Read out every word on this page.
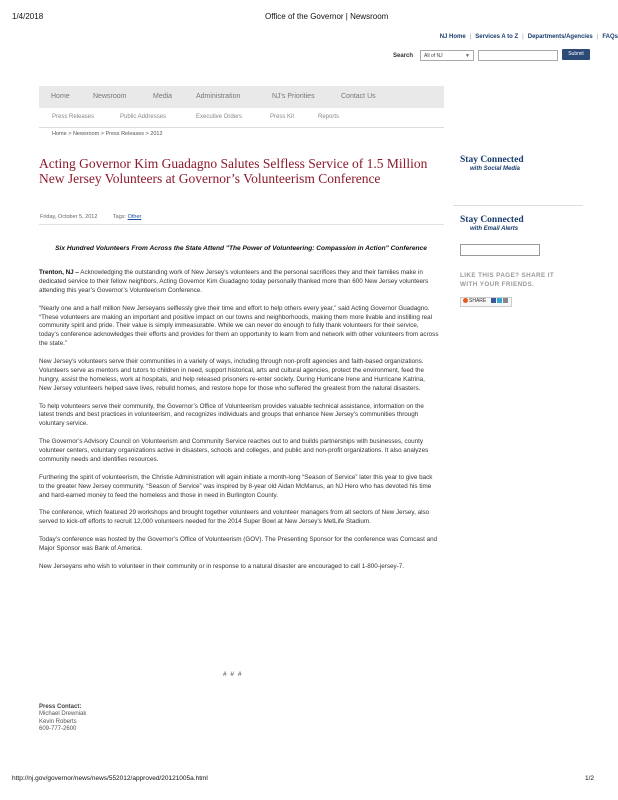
1/4/2018	Office of the Governor | Newsroom
NJ Home | Services A to Z | Departments/Agencies | FAQs
Search	All of NJ	▼	Submit
Home	Newsroom	Media	Administration	NJ's Priorities	Contact Us
Press Releases	Public Addresses	Executive Orders	Press Kit	Reports
Home > Newsroom > Press Releases > 2012
Acting Governor Kim Guadagno Salutes Selfless Service of 1.5 Million New Jersey Volunteers at Governor’s Volunteerism Conference
Friday, October 5, 2012	Tags: Other
Six Hundred Volunteers From Across the State Attend "The Power of Volunteering: Compassion in Action" Conference

Trenton, NJ – Acknowledging the outstanding work of New Jersey’s volunteers and the personal sacrifices they and their families make in dedicated service to their fellow neighbors, Acting Governor Kim Guadagno today personally thanked more than 600 New Jersey volunteers attending this year’s Governor’s Volunteerism Conference.

“Nearly one and a half million New Jerseyans selflessly give their time and effort to help others every year,” said Acting Governor Guadagno. “These volunteers are making an important and positive impact on our towns and neighborhoods, making them more livable and instilling real community spirit and pride. Their value is simply immeasurable. While we can never do enough to fully thank volunteers for their service, today’s conference acknowledges their efforts and provides for them an opportunity to learn from and network with other volunteers from across the state.”

New Jersey’s volunteers serve their communities in a variety of ways, including through non-profit agencies and faith-based organizations. Volunteers serve as mentors and tutors to children in need, support historical, arts and cultural agencies, protect the environment, feed the hungry, assist the homeless, work at hospitals, and help released prisoners re-enter society. During Hurricane Irene and Hurricane Katrina, New Jersey volunteers helped save lives, rebuild homes, and restore hope for those who suffered the greatest from the natural disasters.

To help volunteers serve their community, the Governor’s Office of Volunteerism provides valuable technical assistance, information on the latest trends and best practices in volunteerism, and recognizes individuals and groups that enhance New Jersey’s communities through voluntary service.

The Governor’s Advisory Council on Volunteerism and Community Service reaches out to and builds partnerships with businesses, county volunteer centers, voluntary organizations active in disasters, schools and colleges, and public and non-profit organizations. It also analyzes community needs and identifies resources.

Furthering the spirit of volunteerism, the Christie Administration will again initiate a month-long “Season of Service” later this year to give back to the greater New Jersey community. “Season of Service” was inspired by 8-year old Aidan McManus, an NJ Hero who has devoted his time and hard-earned money to feed the homeless and those in need in Burlington County.

The conference, which featured 29 workshops and brought together volunteers and volunteer managers from all sectors of New Jersey, also served to kick-off efforts to recruit 12,000 volunteers needed for the 2014 Super Bowl at New Jersey’s MetLife Stadium.

Today’s conference was hosted by the Governor’s Office of Volunteerism (GOV). The Presenting Sponsor for the conference was Comcast and Major Sponsor was Bank of America.

New Jerseyans who wish to volunteer in their community or in response to a natural disaster are encouraged to call 1-800-jersey-7.

# # #
Press Contact:
Michael Drewniak
Kevin Roberts
609-777-2600
Stay Connected
with Social Media
Stay Connected
with Email Alerts
LIKE THIS PAGE? SHARE IT
WITH YOUR FRIENDS.
SHARE
http://nj.gov/governor/news/news/552012/approved/20121005a.html	1/2
